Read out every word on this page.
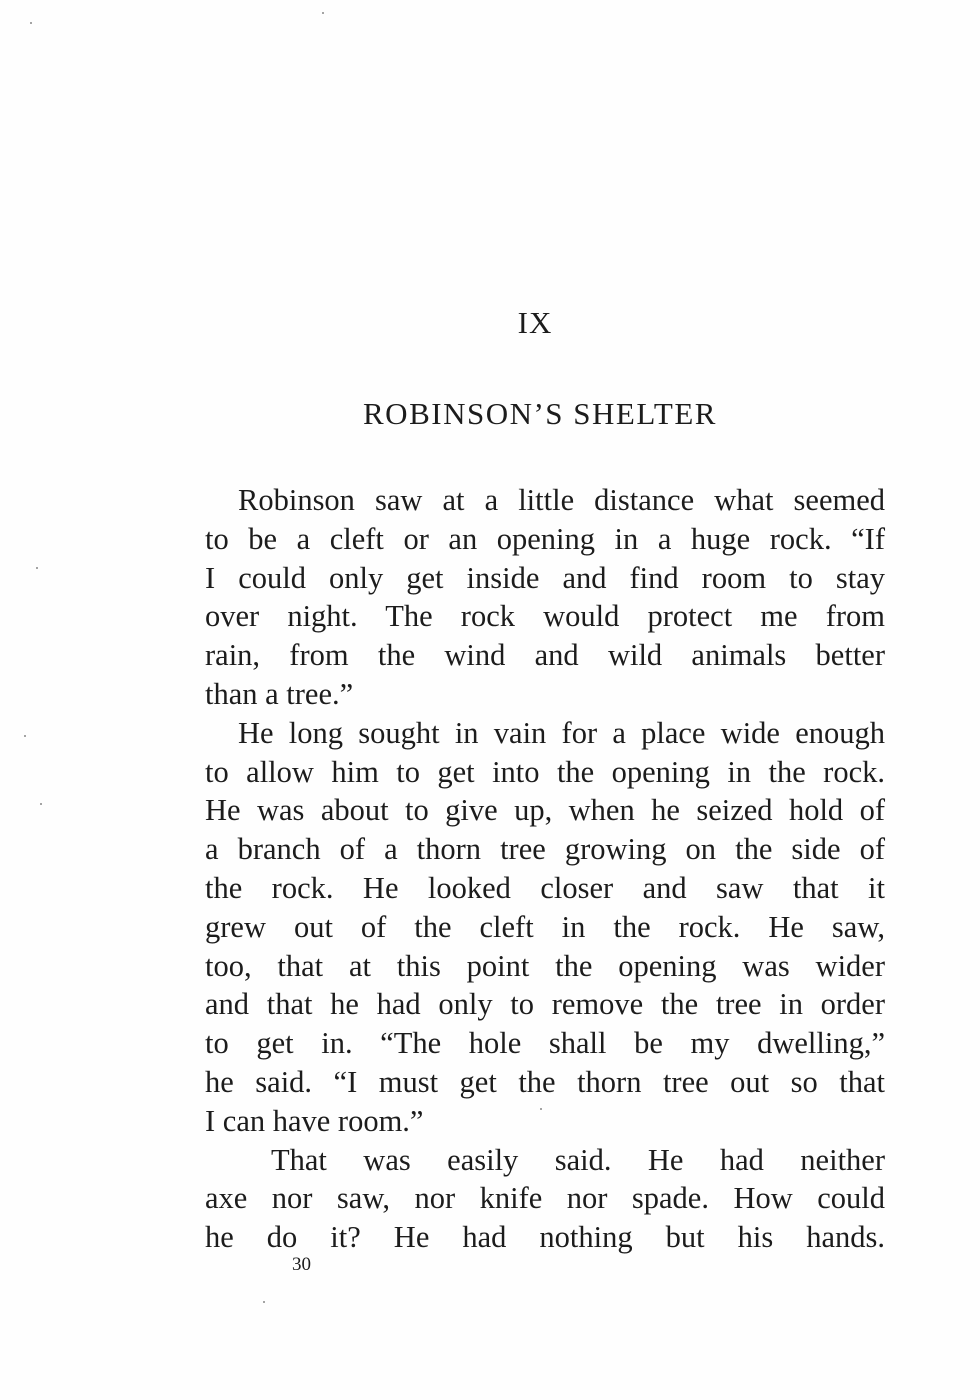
IX
ROBINSON’S SHELTER
Robinson saw at a little distance what seemed
to be a cleft or an opening in a huge rock. “If
I could only get inside and find room to stay
over night. The rock would protect me from
rain, from the wind and wild animals better
than a tree.”
He long sought in vain for a place wide enough
to allow him to get into the opening in the rock.
He was about to give up, when he seized hold of
a branch of a thorn tree growing on the side of
the rock. He looked closer and saw that it
grew out of the cleft in the rock. He saw,
too, that at this point the opening was wider
and that he had only to remove the tree in order
to get in. “The hole shall be my dwelling,”
he said. “I must get the thorn tree out so that
I can have room.”
That was easily said. He had neither
axe nor saw, nor knife nor spade. How could
he do it? He had nothing but his hands.
30
